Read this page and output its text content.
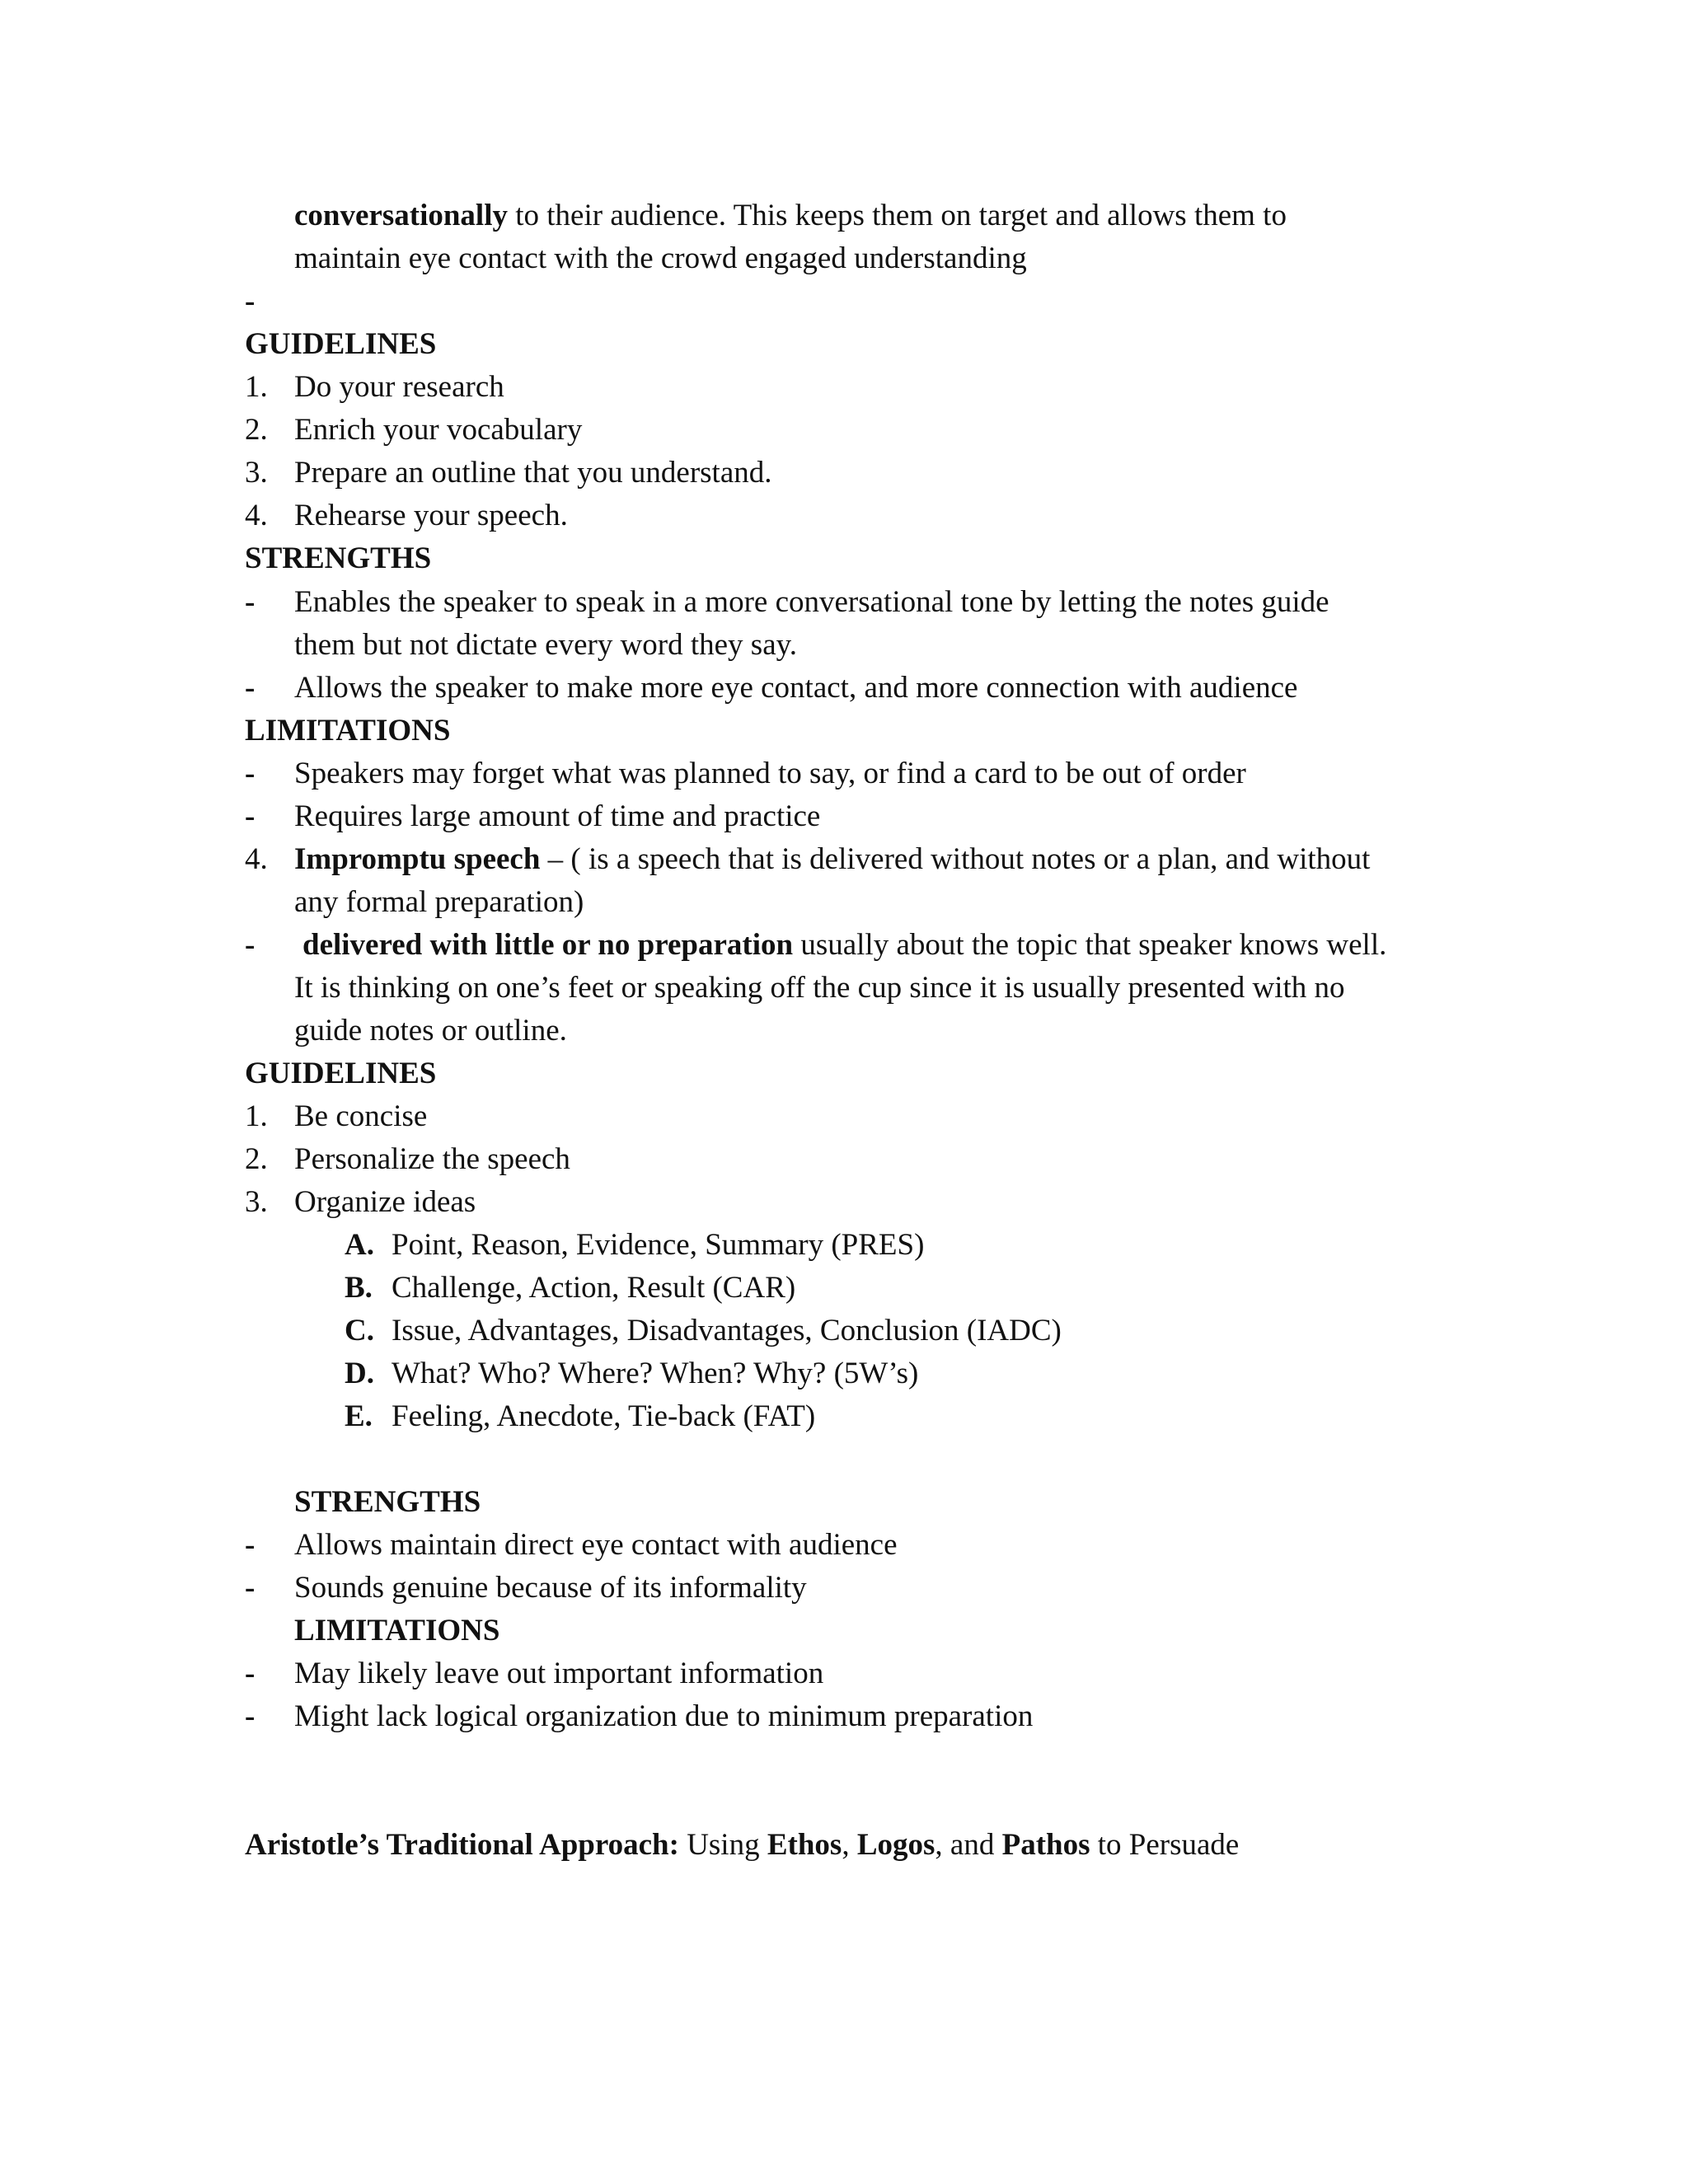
conversationally to their audience. This keeps them on target and allows them to

maintain eye contact with the crowd engaged understanding

-

GUIDELINES

1. Do your research

2. Enrich your vocabulary

3. Prepare an outline that you understand.

4. Rehearse your speech.

STRENGTHS

- Enables the speaker to speak in a more conversational tone by letting the notes guide

them but not dictate every word they say.

- Allows the speaker to make more eye contact, and more connection with audience

LIMITATIONS

- Speakers may forget what was planned to say, or find a card to be out of order

- Requires large amount of time and practice

4. Impromptu speech – ( is a speech that is delivered without notes or a plan, and without

any formal preparation)

- delivered with little or no preparation usually about the topic that speaker knows well.

It is thinking on one’s feet or speaking off the cup since it is usually presented with no

guide notes or outline.

GUIDELINES

1. Be concise

2. Personalize the speech

3. Organize ideas

A. Point, Reason, Evidence, Summary (PRES)

B. Challenge, Action, Result (CAR)

C. Issue, Advantages, Disadvantages, Conclusion (IADC)

D. What? Who? Where? When? Why? (5W’s)

E. Feeling, Anecdote, Tie-back (FAT)

STRENGTHS

- Allows maintain direct eye contact with audience

- Sounds genuine because of its informality

LIMITATIONS

- May likely leave out important information

- Might lack logical organization due to minimum preparation

Aristotle’s Traditional Approach: Using Ethos, Logos, and Pathos to Persuade
